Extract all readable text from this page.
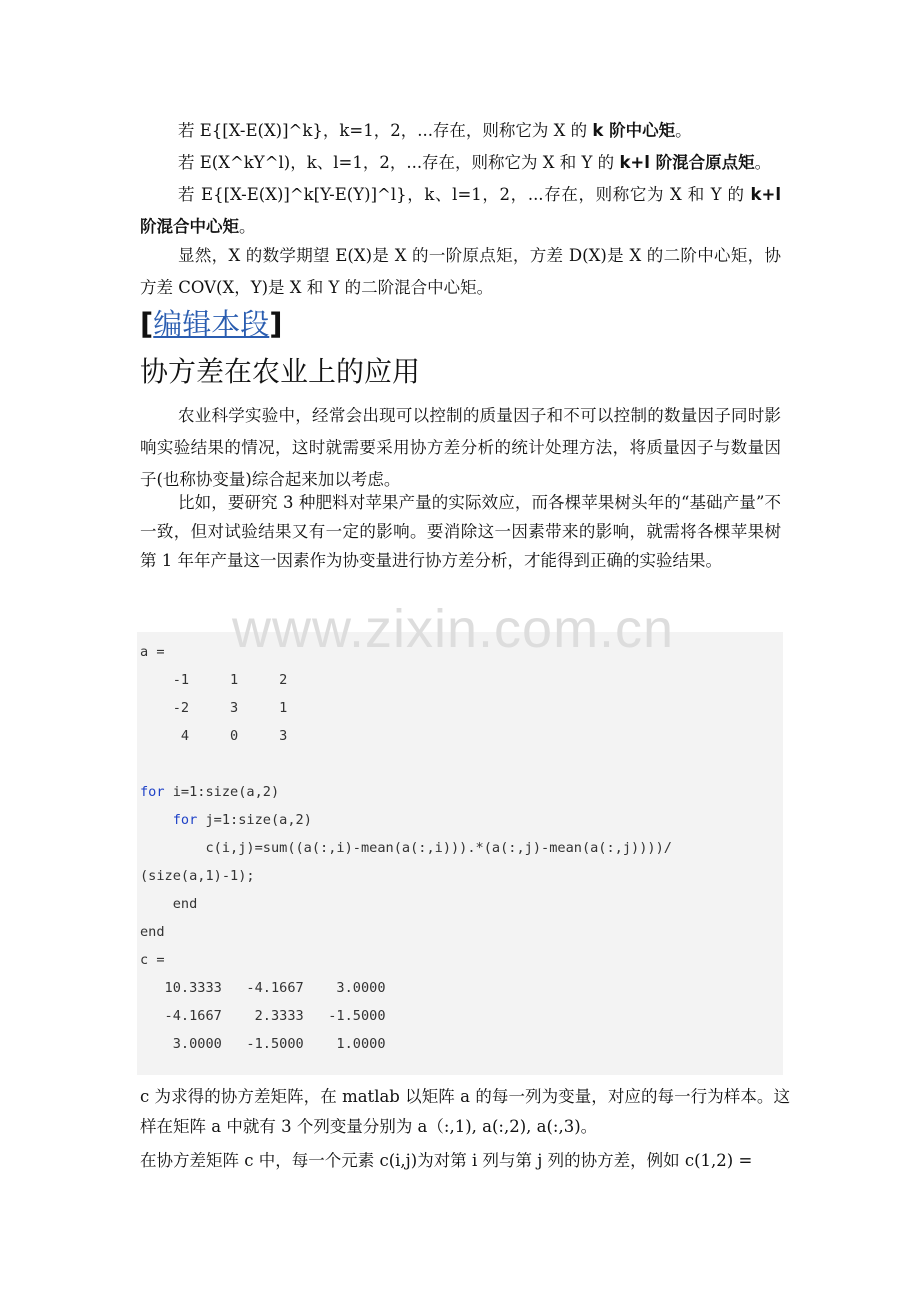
若 E{[X-E(X)]^k}，k=1，2，...存在，则称它为 X 的 k 阶中心矩。
若 E(X^kY^l)，k、l=1，2，...存在，则称它为 X 和 Y 的 k+l 阶混合原点矩。
若 E{[X-E(X)]^k[Y-E(Y)]^l}，k、l=1，2，...存在，则称它为 X 和 Y 的 k+l 阶混合中心矩。
显然，X 的数学期望 E(X)是 X 的一阶原点矩，方差 D(X)是 X 的二阶中心矩，协方差 COV(X，Y)是 X 和 Y 的二阶混合中心矩。
[编辑本段]
协方差在农业上的应用
农业科学实验中，经常会出现可以控制的质量因子和不可以控制的数量因子同时影响实验结果的情况，这时就需要采用协方差分析的统计处理方法，将质量因子与数量因子(也称协变量)综合起来加以考虑。
比如，要研究 3 种肥料对苹果产量的实际效应，而各棵苹果树头年的“基础产量”不一致，但对试验结果又有一定的影响。要消除这一因素带来的影响，就需将各棵苹果树第 1 年年产量这一因素作为协变量进行协方差分析，才能得到正确的实验结果。
a =
-1     1     2
-2     3     1
4     0     3

for i=1:size(a,2)
for j=1:size(a,2)
c(i,j)=sum((a(:,i)-mean(a(:,i))).*(a(:,j)-mean(a(:,j))))/
(size(a,1)-1);
end
end
c =

10.3333   -4.1667    3.0000

-4.1667    2.3333   -1.5000

3.0000   -1.5000    1.0000
www.zixin.com.cn
c 为求得的协方差矩阵，在 matlab 以矩阵 a 的每一列为变量，对应的每一行为样本。这样在矩阵 a 中就有 3 个列变量分别为 a（:,1), a(:,2), a(:,3)。
在协方差矩阵 c 中，每一个元素 c(i,j)为对第 i 列与第 j 列的协方差，例如 c(1,2) =
